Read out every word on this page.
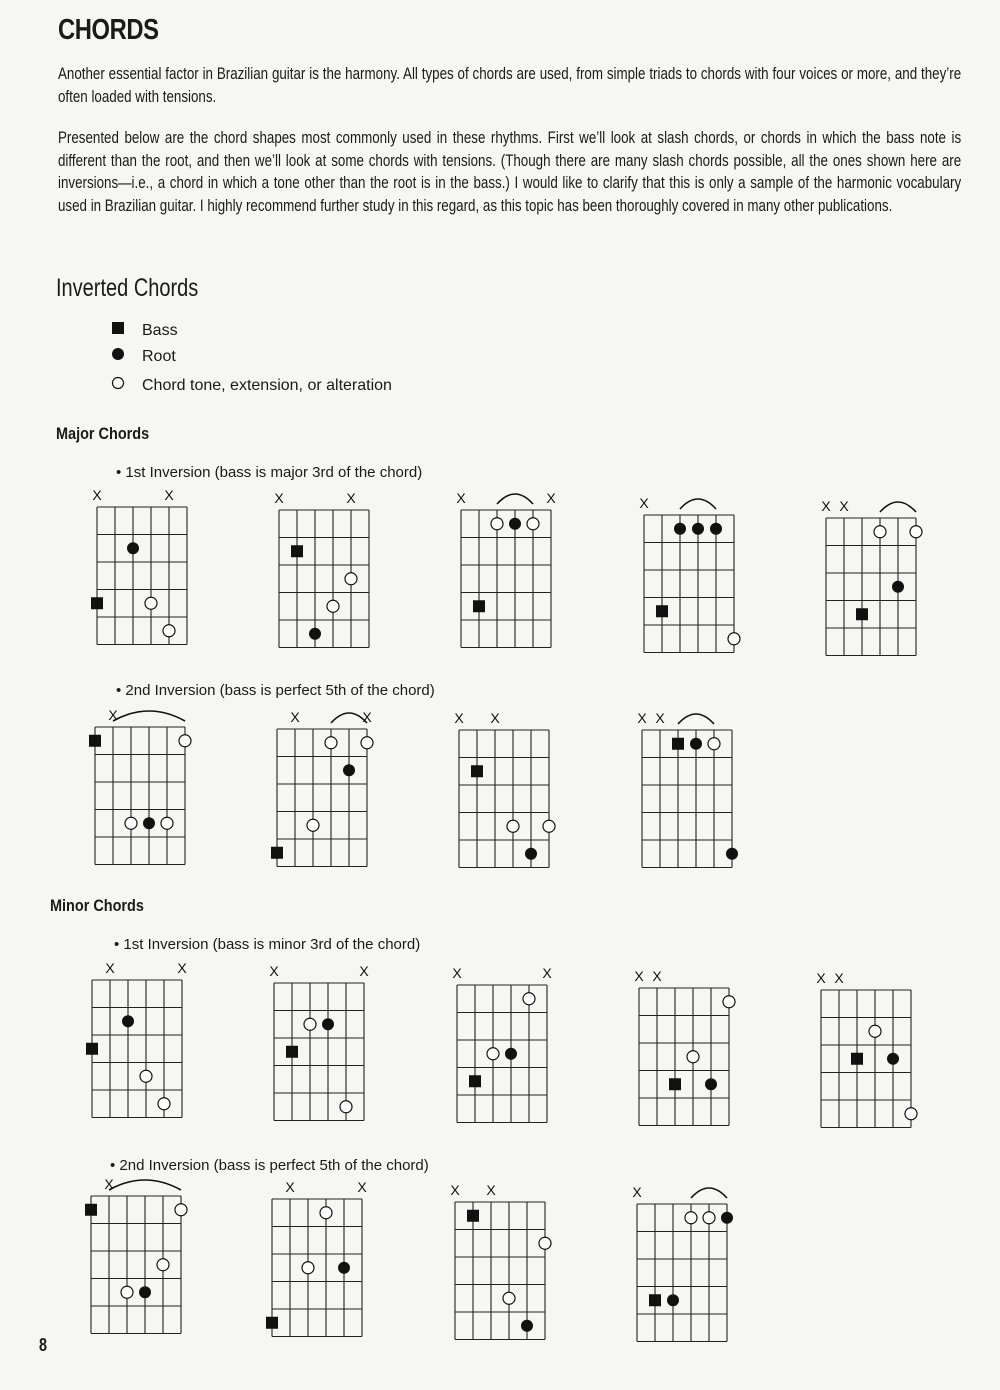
CHORDS

Another essential factor in Brazilian guitar is the harmony. All types of chords are used, from simple triads to chords with four voices or more, and they’re often loaded with tensions.

Presented below are the chord shapes most commonly used in these rhythms. First we’ll look at slash chords, or chords in which the bass note is different than the root, and then we’ll look at some chords with tensions. (Though there are many slash chords possible, all the ones shown here are inversions—i.e., a chord in which a tone other than the root is in the bass.) I would like to clarify that this is only a sample of the harmonic vocabulary used in Brazilian guitar. I highly recommend further study in this regard, as this topic has been thoroughly covered in many other publications.

Inverted Chords
Bass
Root
Chord tone, extension, or alteration
Major Chords

• 1st Inversion (bass is major 3rd of the chord)

• 2nd Inversion (bass is perfect 5th of the chord)

Minor Chords

• 1st Inversion (bass is minor 3rd of the chord)

• 2nd Inversion (bass is perfect 5th of the chord)

X	X	X	X	X	X	X	X X
X	X	X	X X	X X
X	X	X	X	X	X	X X	X X
X	X	X	X X	X
8
